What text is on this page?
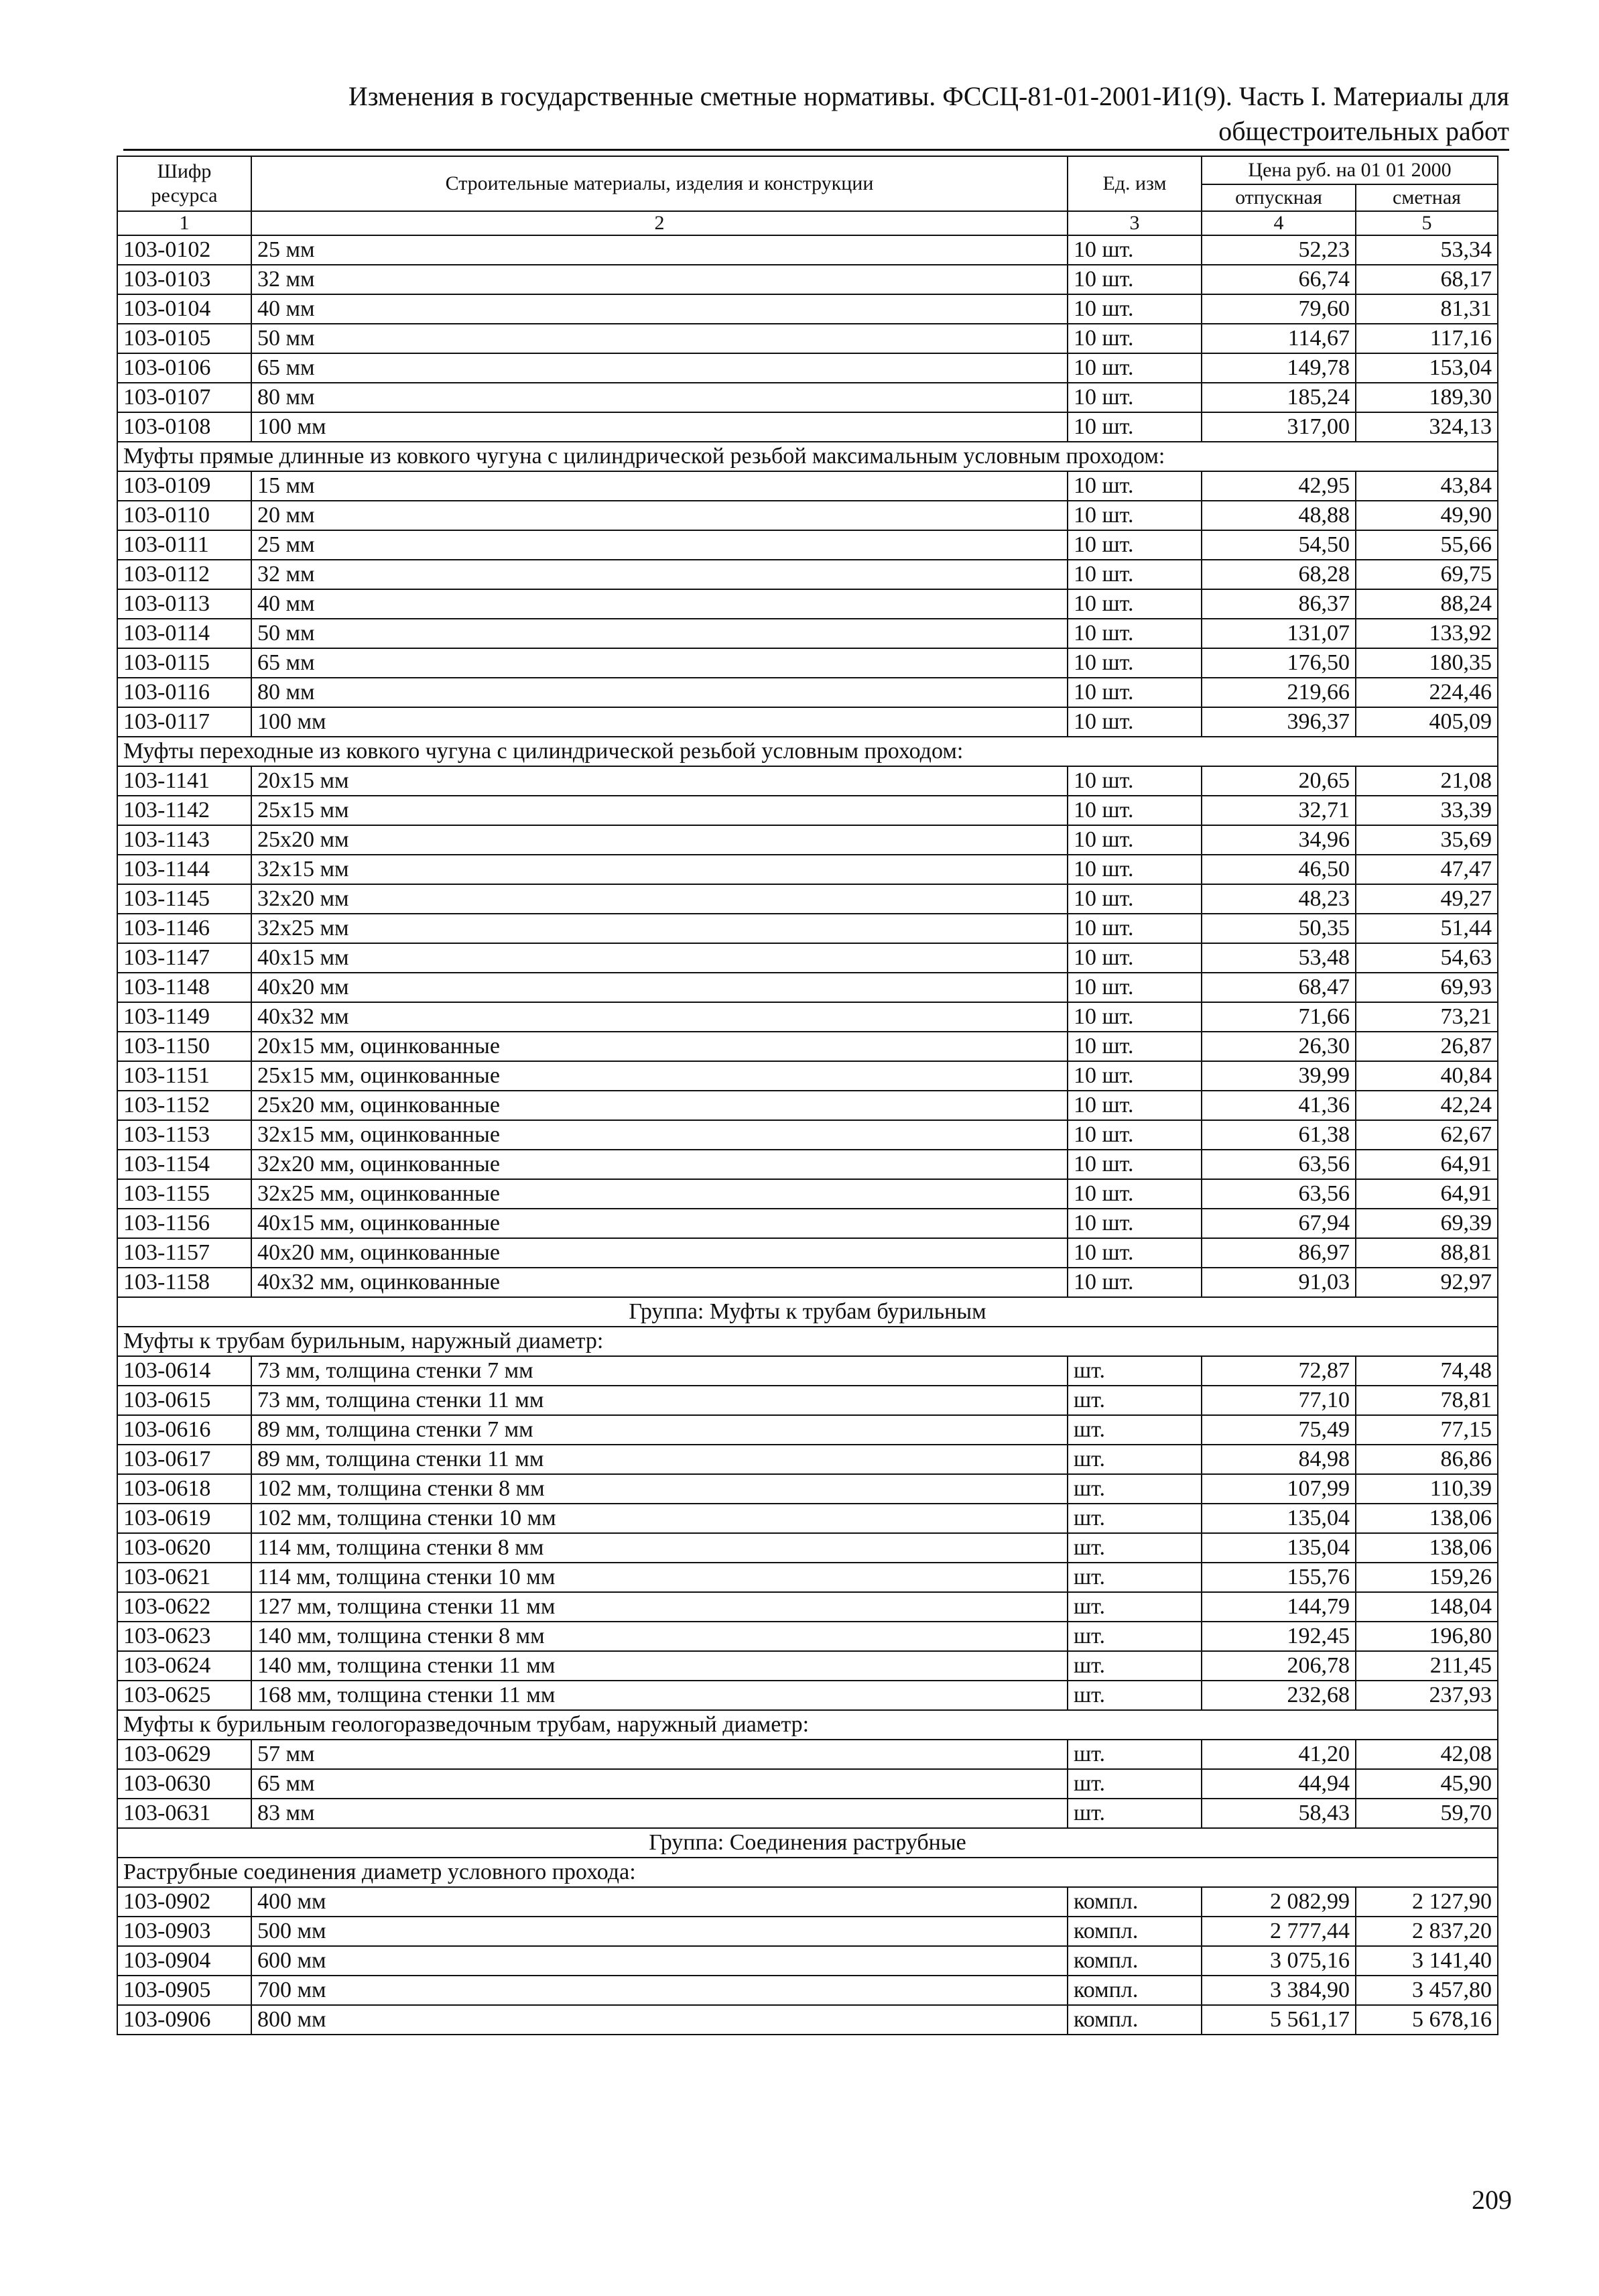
Изменения в государственные сметные нормативы. ФССЦ-81-01-2001-И1(9). Часть I. Материалы для
общестроительных работ
Шифр ресурса	Строительные материалы, изделия и конструкции	Ед. изм	Цена руб. на 01 01 2000	
			отпускная	сметная
1	2	3	4	5
103-0102	25 мм	10 шт.	52,23	53,34
103-0103	32 мм	10 шт.	66,74	68,17
103-0104	40 мм	10 шт.	79,60	81,31
103-0105	50 мм	10 шт.	114,67	117,16
103-0106	65 мм	10 шт.	149,78	153,04
103-0107	80 мм	10 шт.	185,24	189,30
103-0108	100 мм	10 шт.	317,00	324,13
Муфты прямые длинные из ковкого чугуна с цилиндрической резьбой максимальным условным проходом:				
103-0109	15 мм	10 шт.	42,95	43,84
103-0110	20 мм	10 шт.	48,88	49,90
103-0111	25 мм	10 шт.	54,50	55,66
103-0112	32 мм	10 шт.	68,28	69,75
103-0113	40 мм	10 шт.	86,37	88,24
103-0114	50 мм	10 шт.	131,07	133,92
103-0115	65 мм	10 шт.	176,50	180,35
103-0116	80 мм	10 шт.	219,66	224,46
103-0117	100 мм	10 шт.	396,37	405,09
Муфты переходные из ковкого чугуна с цилиндрической резьбой условным проходом:				
103-1141	20х15 мм	10 шт.	20,65	21,08
103-1142	25х15 мм	10 шт.	32,71	33,39
103-1143	25х20 мм	10 шт.	34,96	35,69
103-1144	32х15 мм	10 шт.	46,50	47,47
103-1145	32х20 мм	10 шт.	48,23	49,27
103-1146	32х25 мм	10 шт.	50,35	51,44
103-1147	40х15 мм	10 шт.	53,48	54,63
103-1148	40х20 мм	10 шт.	68,47	69,93
103-1149	40х32 мм	10 шт.	71,66	73,21
103-1150	20х15 мм, оцинкованные	10 шт.	26,30	26,87
103-1151	25х15 мм, оцинкованные	10 шт.	39,99	40,84
103-1152	25х20 мм, оцинкованные	10 шт.	41,36	42,24
103-1153	32х15 мм, оцинкованные	10 шт.	61,38	62,67
103-1154	32х20 мм, оцинкованные	10 шт.	63,56	64,91
103-1155	32х25 мм, оцинкованные	10 шт.	63,56	64,91
103-1156	40х15 мм, оцинкованные	10 шт.	67,94	69,39
103-1157	40х20 мм, оцинкованные	10 шт.	86,97	88,81
103-1158	40х32 мм, оцинкованные	10 шт.	91,03	92,97
Группа: Муфты к трубам бурильным				
Муфты к трубам бурильным, наружный диаметр:				
103-0614	73 мм, толщина стенки 7 мм	шт.	72,87	74,48
103-0615	73 мм, толщина стенки 11 мм	шт.	77,10	78,81
103-0616	89 мм, толщина стенки 7 мм	шт.	75,49	77,15
103-0617	89 мм, толщина стенки 11 мм	шт.	84,98	86,86
103-0618	102 мм, толщина стенки 8 мм	шт.	107,99	110,39
103-0619	102 мм, толщина стенки 10 мм	шт.	135,04	138,06
103-0620	114 мм, толщина стенки 8 мм	шт.	135,04	138,06
103-0621	114 мм, толщина стенки 10 мм	шт.	155,76	159,26
103-0622	127 мм, толщина стенки 11 мм	шт.	144,79	148,04
103-0623	140 мм, толщина стенки 8 мм	шт.	192,45	196,80
103-0624	140 мм, толщина стенки 11 мм	шт.	206,78	211,45
103-0625	168 мм, толщина стенки 11 мм	шт.	232,68	237,93
Муфты к бурильным геологоразведочным трубам, наружный диаметр:				
103-0629	57 мм	шт.	41,20	42,08
103-0630	65 мм	шт.	44,94	45,90
103-0631	83 мм	шт.	58,43	59,70
Группа: Соединения раструбные				
Раструбные соединения диаметр условного прохода:				
103-0902	400 мм	компл.	2 082,99	2 127,90
103-0903	500 мм	компл.	2 777,44	2 837,20
103-0904	600 мм	компл.	3 075,16	3 141,40
103-0905	700 мм	компл.	3 384,90	3 457,80
103-0906	800 мм	компл.	5 561,17	5 678,16
209
